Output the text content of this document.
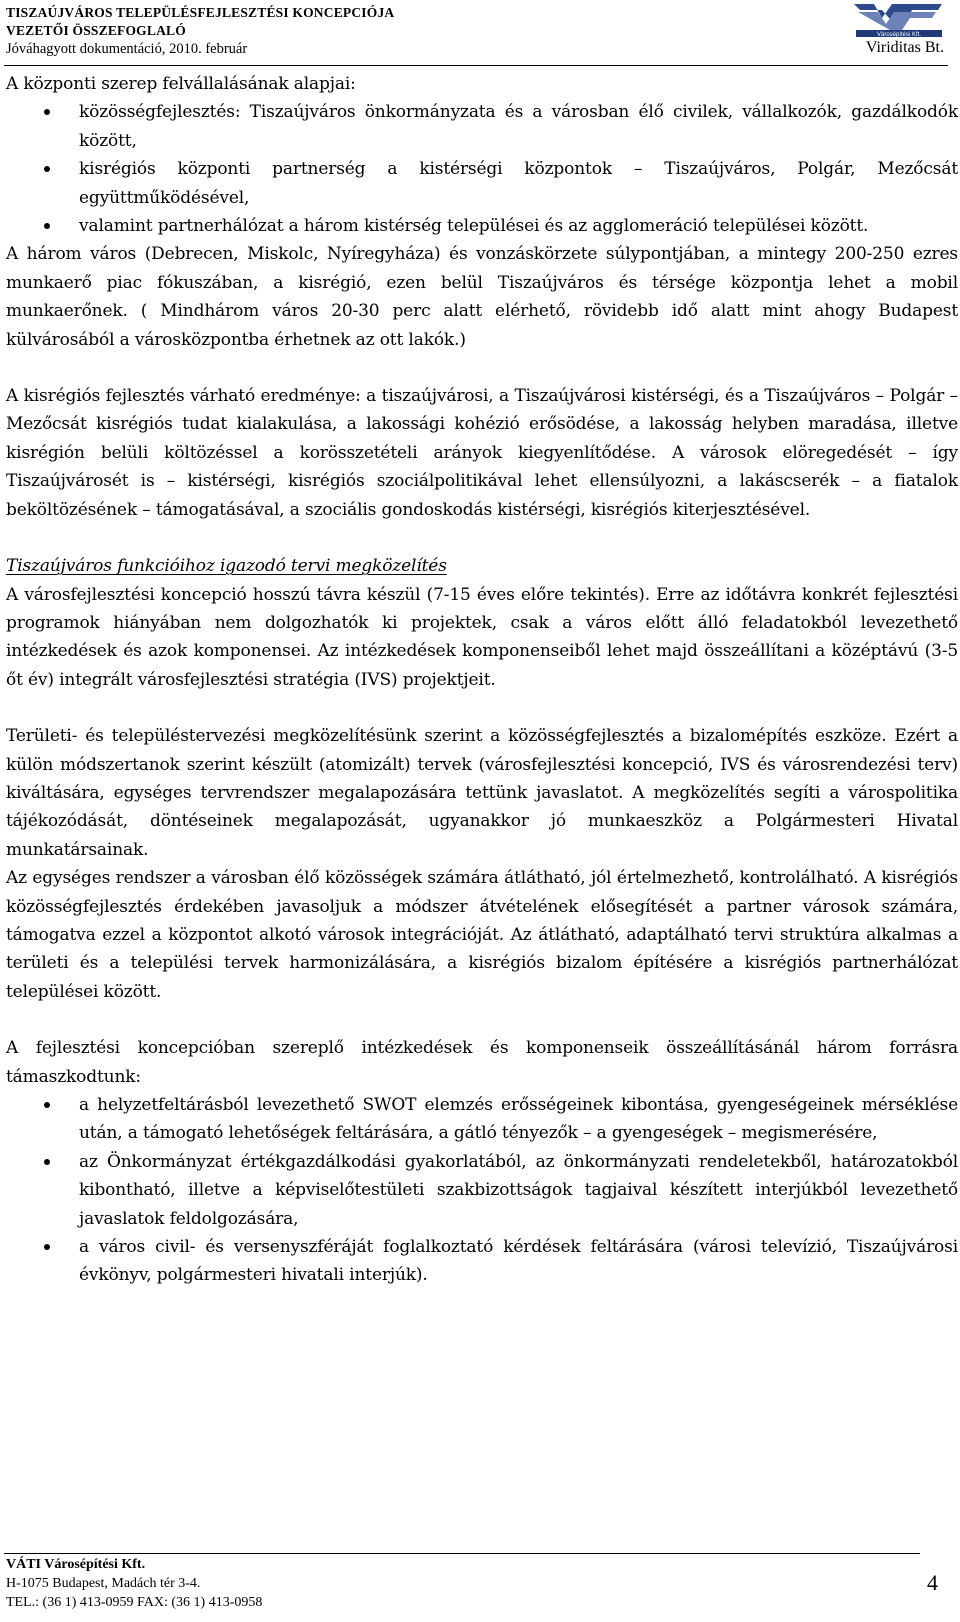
TISZAÚJVÁROS TELEPÜLÉSFEJLESZTÉSI KONCEPCIÓJA
VEZETŐI ÖSSZEFOGLALÓ
Jóváhagyott dokumentáció, 2010. február
Városépítési Kft.
Viriditas Bt.

A központi szerep felvállalásának alapjai:

közösségfejlesztés: Tiszaújváros önkormányzata és a városban élő civilek, vállalkozók, gazdálkodók között,
kisrégiós központi partnerség a kistérségi központok – Tiszaújváros, Polgár, Mezőcsát együttműködésével,
valamint partnerhálózat a három kistérség települései és az agglomeráció települései között.

A három város (Debrecen, Miskolc, Nyíregyháza) és vonzáskörzete súlypontjában, a mintegy 200-250 ezres munkaerő piac fókuszában, a kisrégió, ezen belül Tiszaújváros és térsége központja lehet a mobil munkaerőnek. ( Mindhárom város 20-30 perc alatt elérhető, rövidebb idő alatt mint ahogy Budapest külvárosából a városközpontba érhetnek az ott lakók.)

A kisrégiós fejlesztés várható eredménye: a tiszaújvárosi, a Tiszaújvárosi kistérségi, és a Tiszaújváros – Polgár – Mezőcsát kisrégiós tudat kialakulása, a lakossági kohézió erősödése, a lakosság helyben maradása, illetve kisrégión belüli költözéssel a korösszetételi arányok kiegyenlítődése. A városok elöregedését – így Tiszaújvárosét is – kistérségi, kisrégiós szociálpolitikával lehet ellensúlyozni, a lakáscserék – a fiatalok beköltözésének – támogatásával, a szociális gondoskodás kistérségi, kisrégiós kiterjesztésével.

Tiszaújváros funkcióihoz igazodó tervi megközelítés

A városfejlesztési koncepció hosszú távra készül (7-15 éves előre tekintés). Erre az időtávra konkrét fejlesztési programok hiányában nem dolgozhatók ki projektek, csak a város előtt álló feladatokból levezethető intézkedések és azok komponensei. Az intézkedések komponenseiből lehet majd összeállítani a középtávú (3-5 őt év) integrált városfejlesztési stratégia (IVS) projektjeit.

Területi- és településtervezési megközelítésünk szerint a közösségfejlesztés a bizalomépítés eszköze. Ezért a külön módszertanok szerint készült (atomizált) tervek (városfejlesztési koncepció, IVS és városrendezési terv) kiváltására, egységes tervrendszer megalapozására tettünk javaslatot. A megközelítés segíti a várospolitika tájékozódását, döntéseinek megalapozását, ugyanakkor jó munkaeszköz a Polgármesteri Hivatal munkatársainak.

Az egységes rendszer a városban élő közösségek számára átlátható, jól értelmezhető, kontrolálható. A kisrégiós közösségfejlesztés érdekében javasoljuk a módszer átvételének elősegítését a partner városok számára, támogatva ezzel a központot alkotó városok integrációját. Az átlátható, adaptálható tervi struktúra alkalmas a területi és a települési tervek harmonizálására, a kisrégiós bizalom építésére a kisrégiós partnerhálózat települései között.

A fejlesztési koncepcióban szereplő intézkedések és komponenseik összeállításánál három forrásra támaszkodtunk:

a helyzetfeltárásból levezethető SWOT elemzés erősségeinek kibontása, gyengeségeinek mérséklése után, a támogató lehetőségek feltárására, a gátló tényezők – a gyengeségek – megismerésére,
az Önkormányzat értékgazdálkodási gyakorlatából, az önkormányzati rendeletekből, határozatokból kibontható, illetve a képviselőtestületi szakbizottságok tagjaival készített interjúkból levezethető javaslatok feldolgozására,
a város civil- és versenyszféráját foglalkoztató kérdések feltárására (városi televízió, Tiszaújvárosi évkönyv, polgármesteri hivatali interjúk).
VÁTI Városépítési Kft.
H-1075 Budapest, Madách tér 3-4.
TEL.: (36 1) 413-0959 FAX: (36 1) 413-0958
4
